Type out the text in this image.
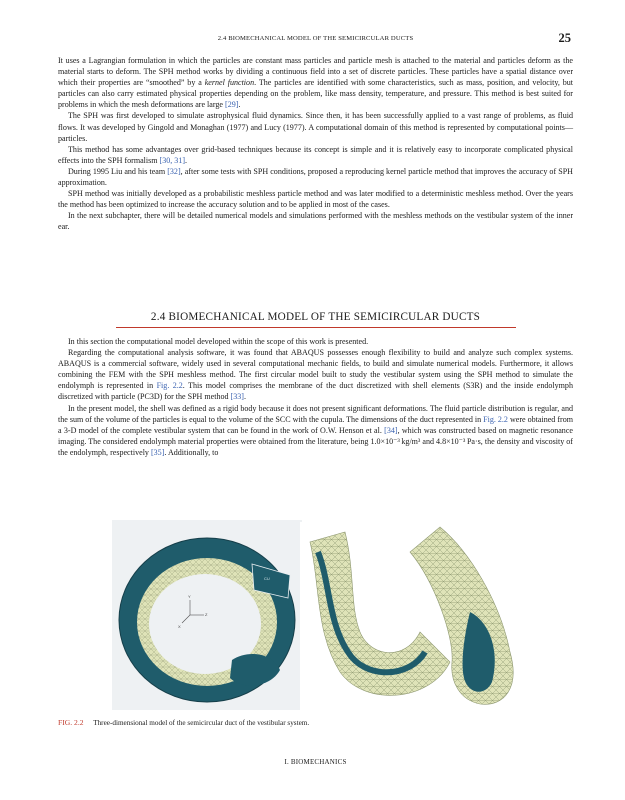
2.4 BIOMECHANICAL MODEL OF THE SEMICIRCULAR DUCTS	25

It uses a Lagrangian formulation in which the particles are constant mass particles and particle mesh is attached to the material and particles deform as the material starts to deform. The SPH method works by dividing a continuous field into a set of discrete particles. These particles have a spatial distance over which their properties are “smoothed” by a kernel function. The particles are identified with some characteristics, such as mass, position, and velocity, but particles can also carry estimated physical properties depending on the problem, like mass density, temperature, and pressure. This method is best suited for problems in which the mesh deformations are large [29].

The SPH was first developed to simulate astrophysical fluid dynamics. Since then, it has been successfully applied to a vast range of problems, as fluid flows. It was developed by Gingold and Monaghan (1977) and Lucy (1977). A computational domain of this method is represented by computational points—particles.

This method has some advantages over grid-based techniques because its concept is simple and it is relatively easy to incorporate complicated physical effects into the SPH formalism [30, 31].

During 1995 Liu and his team [32], after some tests with SPH conditions, proposed a reproducing kernel particle method that improves the accuracy of SPH approximation.

SPH method was initially developed as a probabilistic meshless particle method and was later modified to a deterministic meshless method. Over the years the method has been optimized to increase the accuracy solution and to be applied in most of the cases.

In the next subchapter, there will be detailed numerical models and simulations performed with the meshless methods on the vestibular system of the inner ear.

2.4 BIOMECHANICAL MODEL OF THE SEMICIRCULAR DUCTS

In this section the computational model developed within the scope of this work is presented.

Regarding the computational analysis software, it was found that ABAQUS possesses enough flexibility to build and analyze such complex systems. ABAQUS is a commercial software, widely used in several computational mechanic fields, to build and simulate numerical models. Furthermore, it allows combining the FEM with the SPH meshless method. The first circular model built to study the vestibular system using the SPH method to simulate the endolymph is represented in Fig. 2.2. This model comprises the membrane of the duct discretized with shell elements (S3R) and the inside endolymph discretized with particle (PC3D) for the SPH method [33].

In the present model, the shell was defined as a rigid body because it does not present significant deformations. The fluid particle distribution is regular, and the sum of the volume of the particles is equal to the volume of the SCC with the cupula. The dimensions of the duct represented in Fig. 2.2 were obtained from a 3-D model of the complete vestibular system that can be found in the work of O.W. Henson et al. [34], which was constructed based on magnetic resonance imaging. The considered endolymph material properties were obtained from the literature, being 1.0×10⁻³ kg/m³ and 4.8×10⁻³ Pa·s, the density and viscosity of the endolymph, respectively [35]. Additionally, to

CU
Y
Z
X
FIG. 2.2 Three-dimensional model of the semicircular duct of the vestibular system.
I. BIOMECHANICS
